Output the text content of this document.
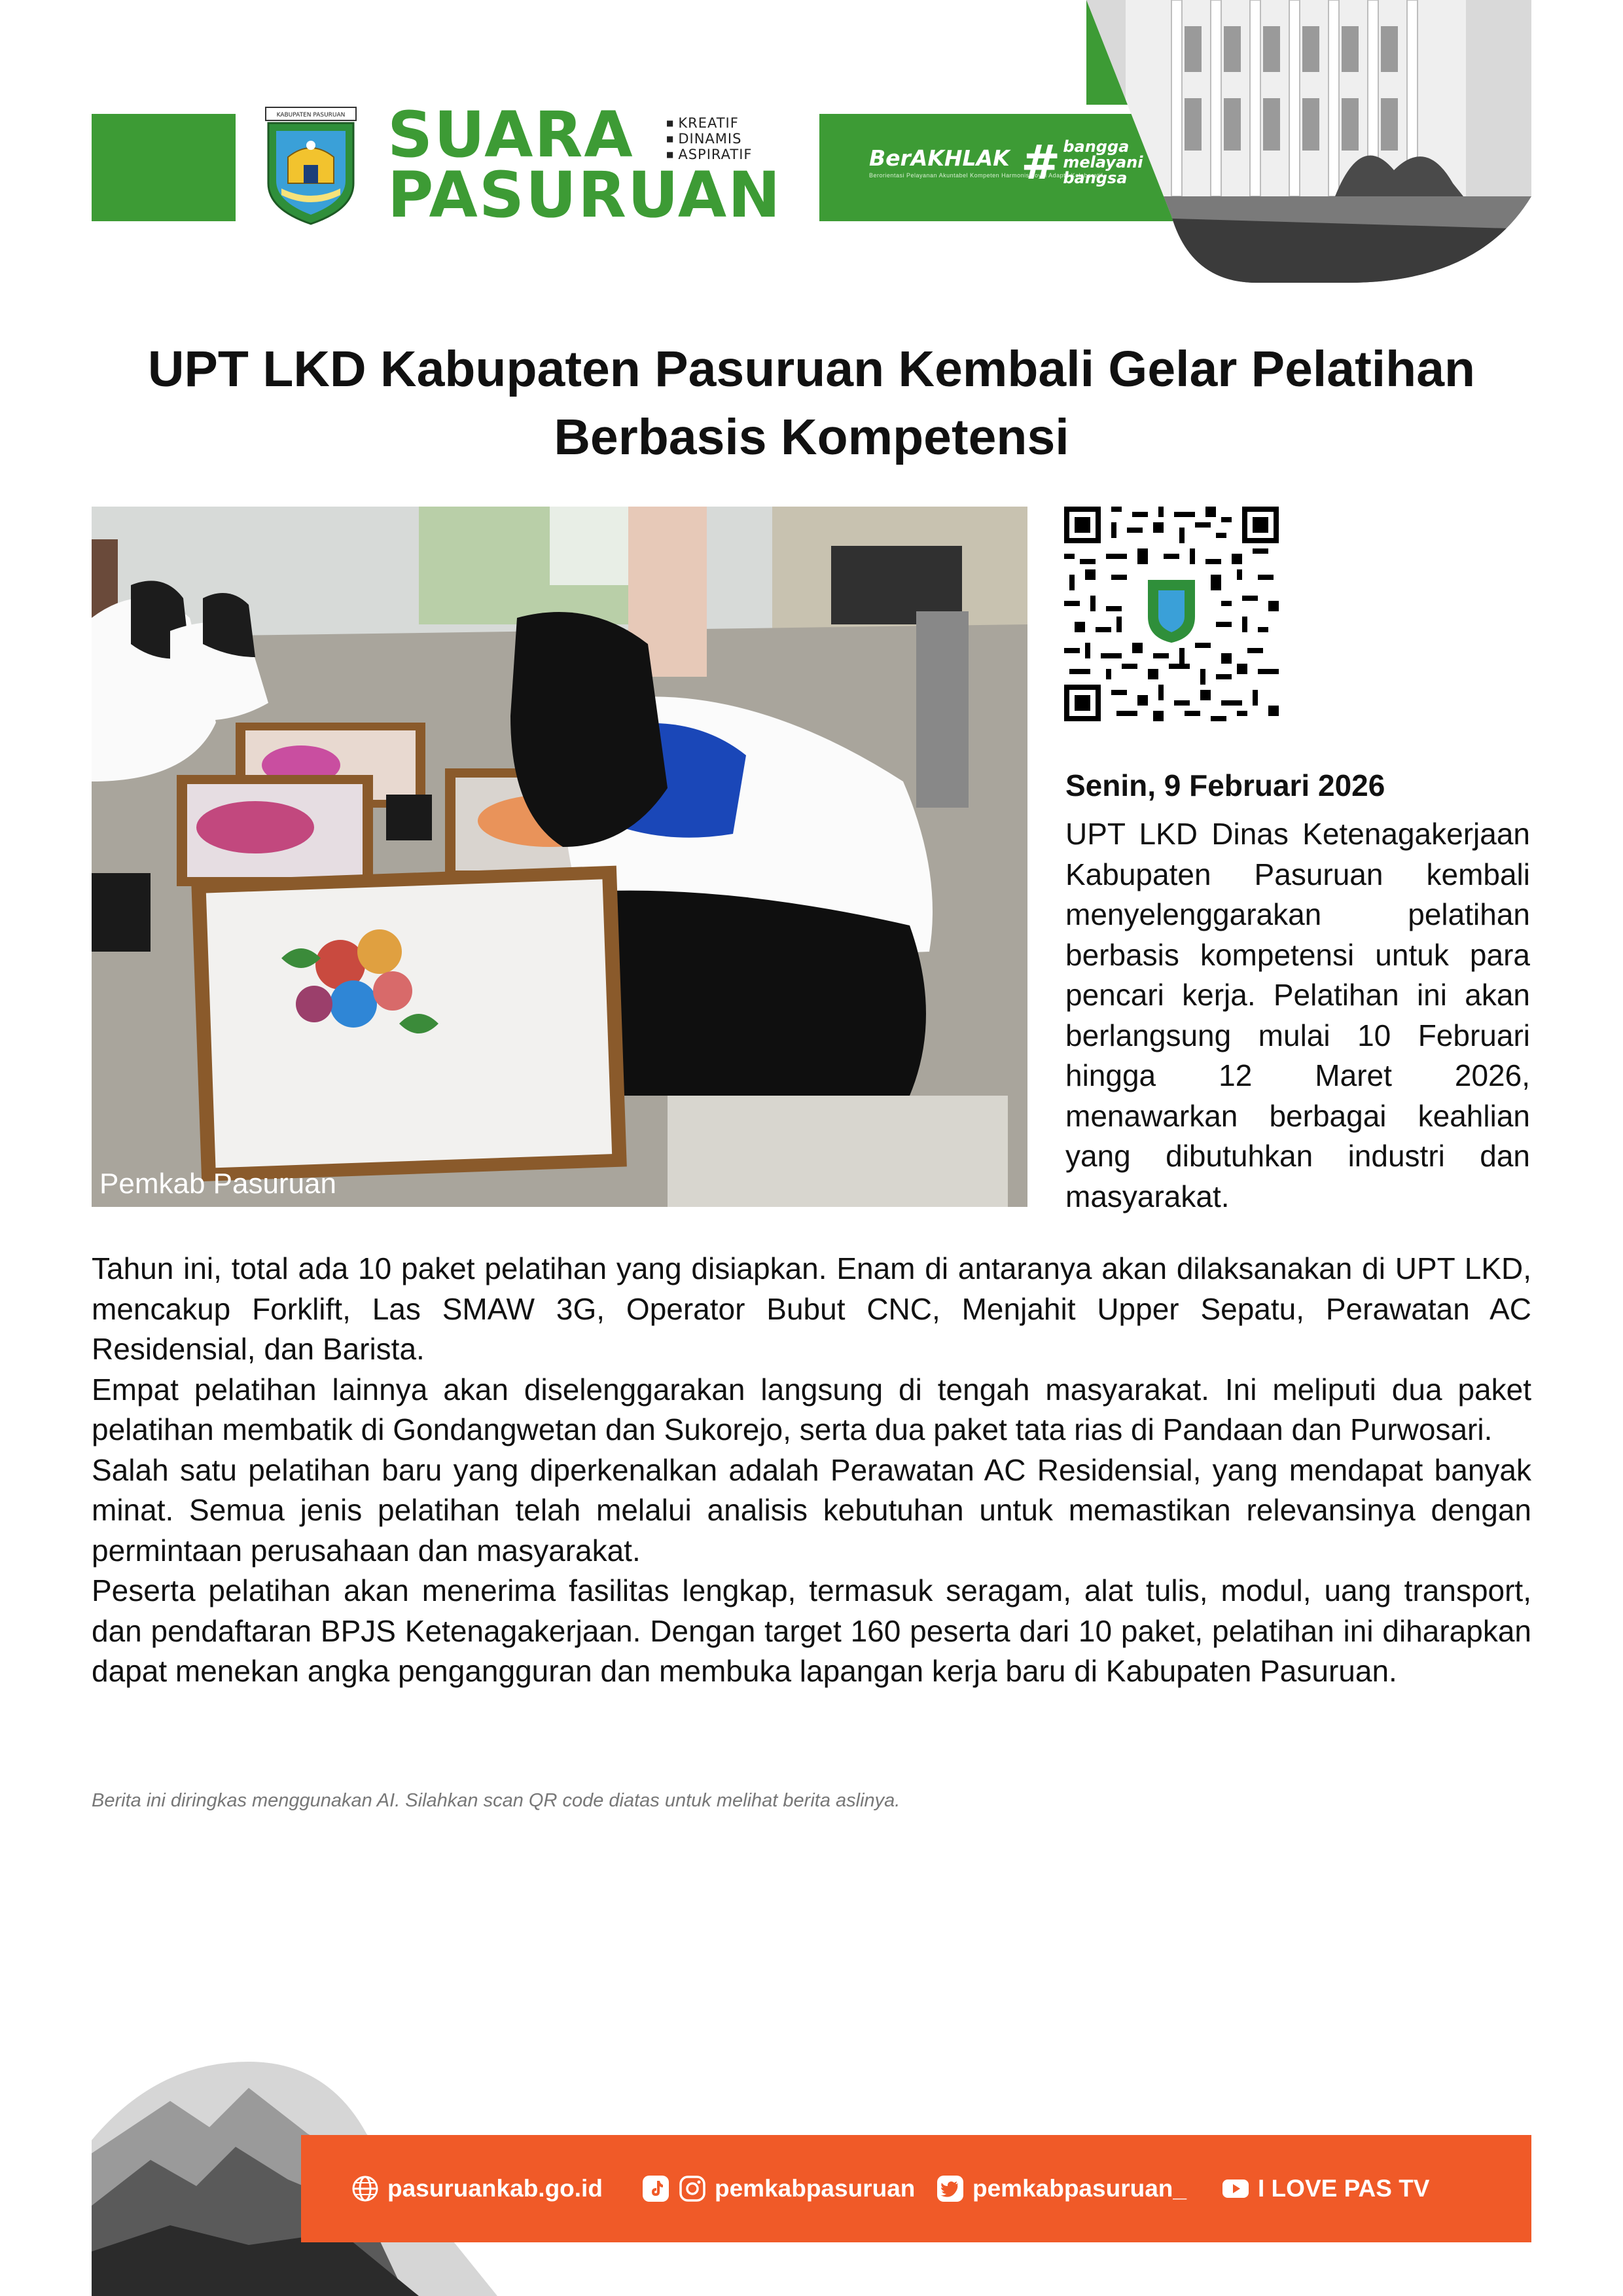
KABUPATEN PASURUAN SUARA
PASURUAN
■ KREATIF
■ DINAMIS
■ ASPIRATIF	BerAKHLAK
Berorientasi Pelayanan Akuntabel Kompeten Harmonis Loyal Adaptif Kolaboratif
# bangga
melayani
bangsa
UPT LKD Kabupaten Pasuruan Kembali Gelar Pelatihan Berbasis Kompetensi
Pemkab Pasuruan
Senin, 9 Februari 2026
UPT LKD Dinas Ketenagakerjaan Kabupaten Pasuruan kembali menyelenggarakan pelatihan berbasis kompetensi untuk para pencari kerja. Pelatihan ini akan berlangsung mulai 10 Februari hingga 12 Maret 2026, menawarkan berbagai keahlian yang dibutuhkan industri dan masyarakat.

Tahun ini, total ada 10 paket pelatihan yang disiapkan. Enam di antaranya akan dilaksanakan di UPT LKD, mencakup Forklift, Las SMAW 3G, Operator Bubut CNC, Menjahit Upper Sepatu, Perawatan AC Residensial, dan Barista.

Empat pelatihan lainnya akan diselenggarakan langsung di tengah masyarakat. Ini meliputi dua paket pelatihan membatik di Gondangwetan dan Sukorejo, serta dua paket tata rias di Pandaan dan Purwosari.

Salah satu pelatihan baru yang diperkenalkan adalah Perawatan AC Residensial, yang mendapat banyak minat. Semua jenis pelatihan telah melalui analisis kebutuhan untuk memastikan relevansinya dengan permintaan perusahaan dan masyarakat.

Peserta pelatihan akan menerima fasilitas lengkap, termasuk seragam, alat tulis, modul, uang transport, dan pendaftaran BPJS Ketenagakerjaan. Dengan target 160 peserta dari 10 paket, pelatihan ini diharapkan dapat menekan angka pengangguran dan membuka lapangan kerja baru di Kabupaten Pasuruan.

Berita ini diringkas menggunakan AI. Silahkan scan QR code diatas untuk melihat berita aslinya.
pasuruankab.go.id	pemkabpasuruan pemkabpasuruan_	I LOVE PAS TV
